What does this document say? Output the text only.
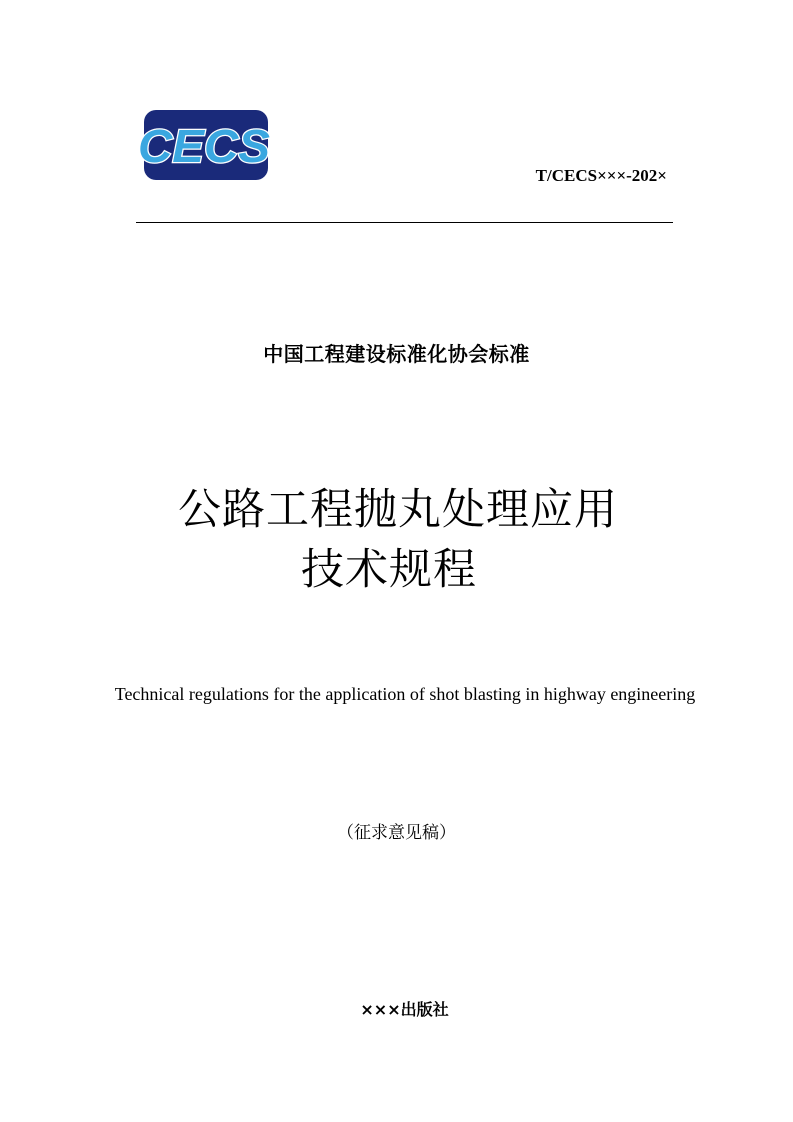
CECS
T/CECS×××-202×
中国工程建设标准化协会标准
公路工程抛丸处理应用
技术规程
Technical regulations for the application of shot blasting in highway engineering
（征求意见稿）
×××出版社
